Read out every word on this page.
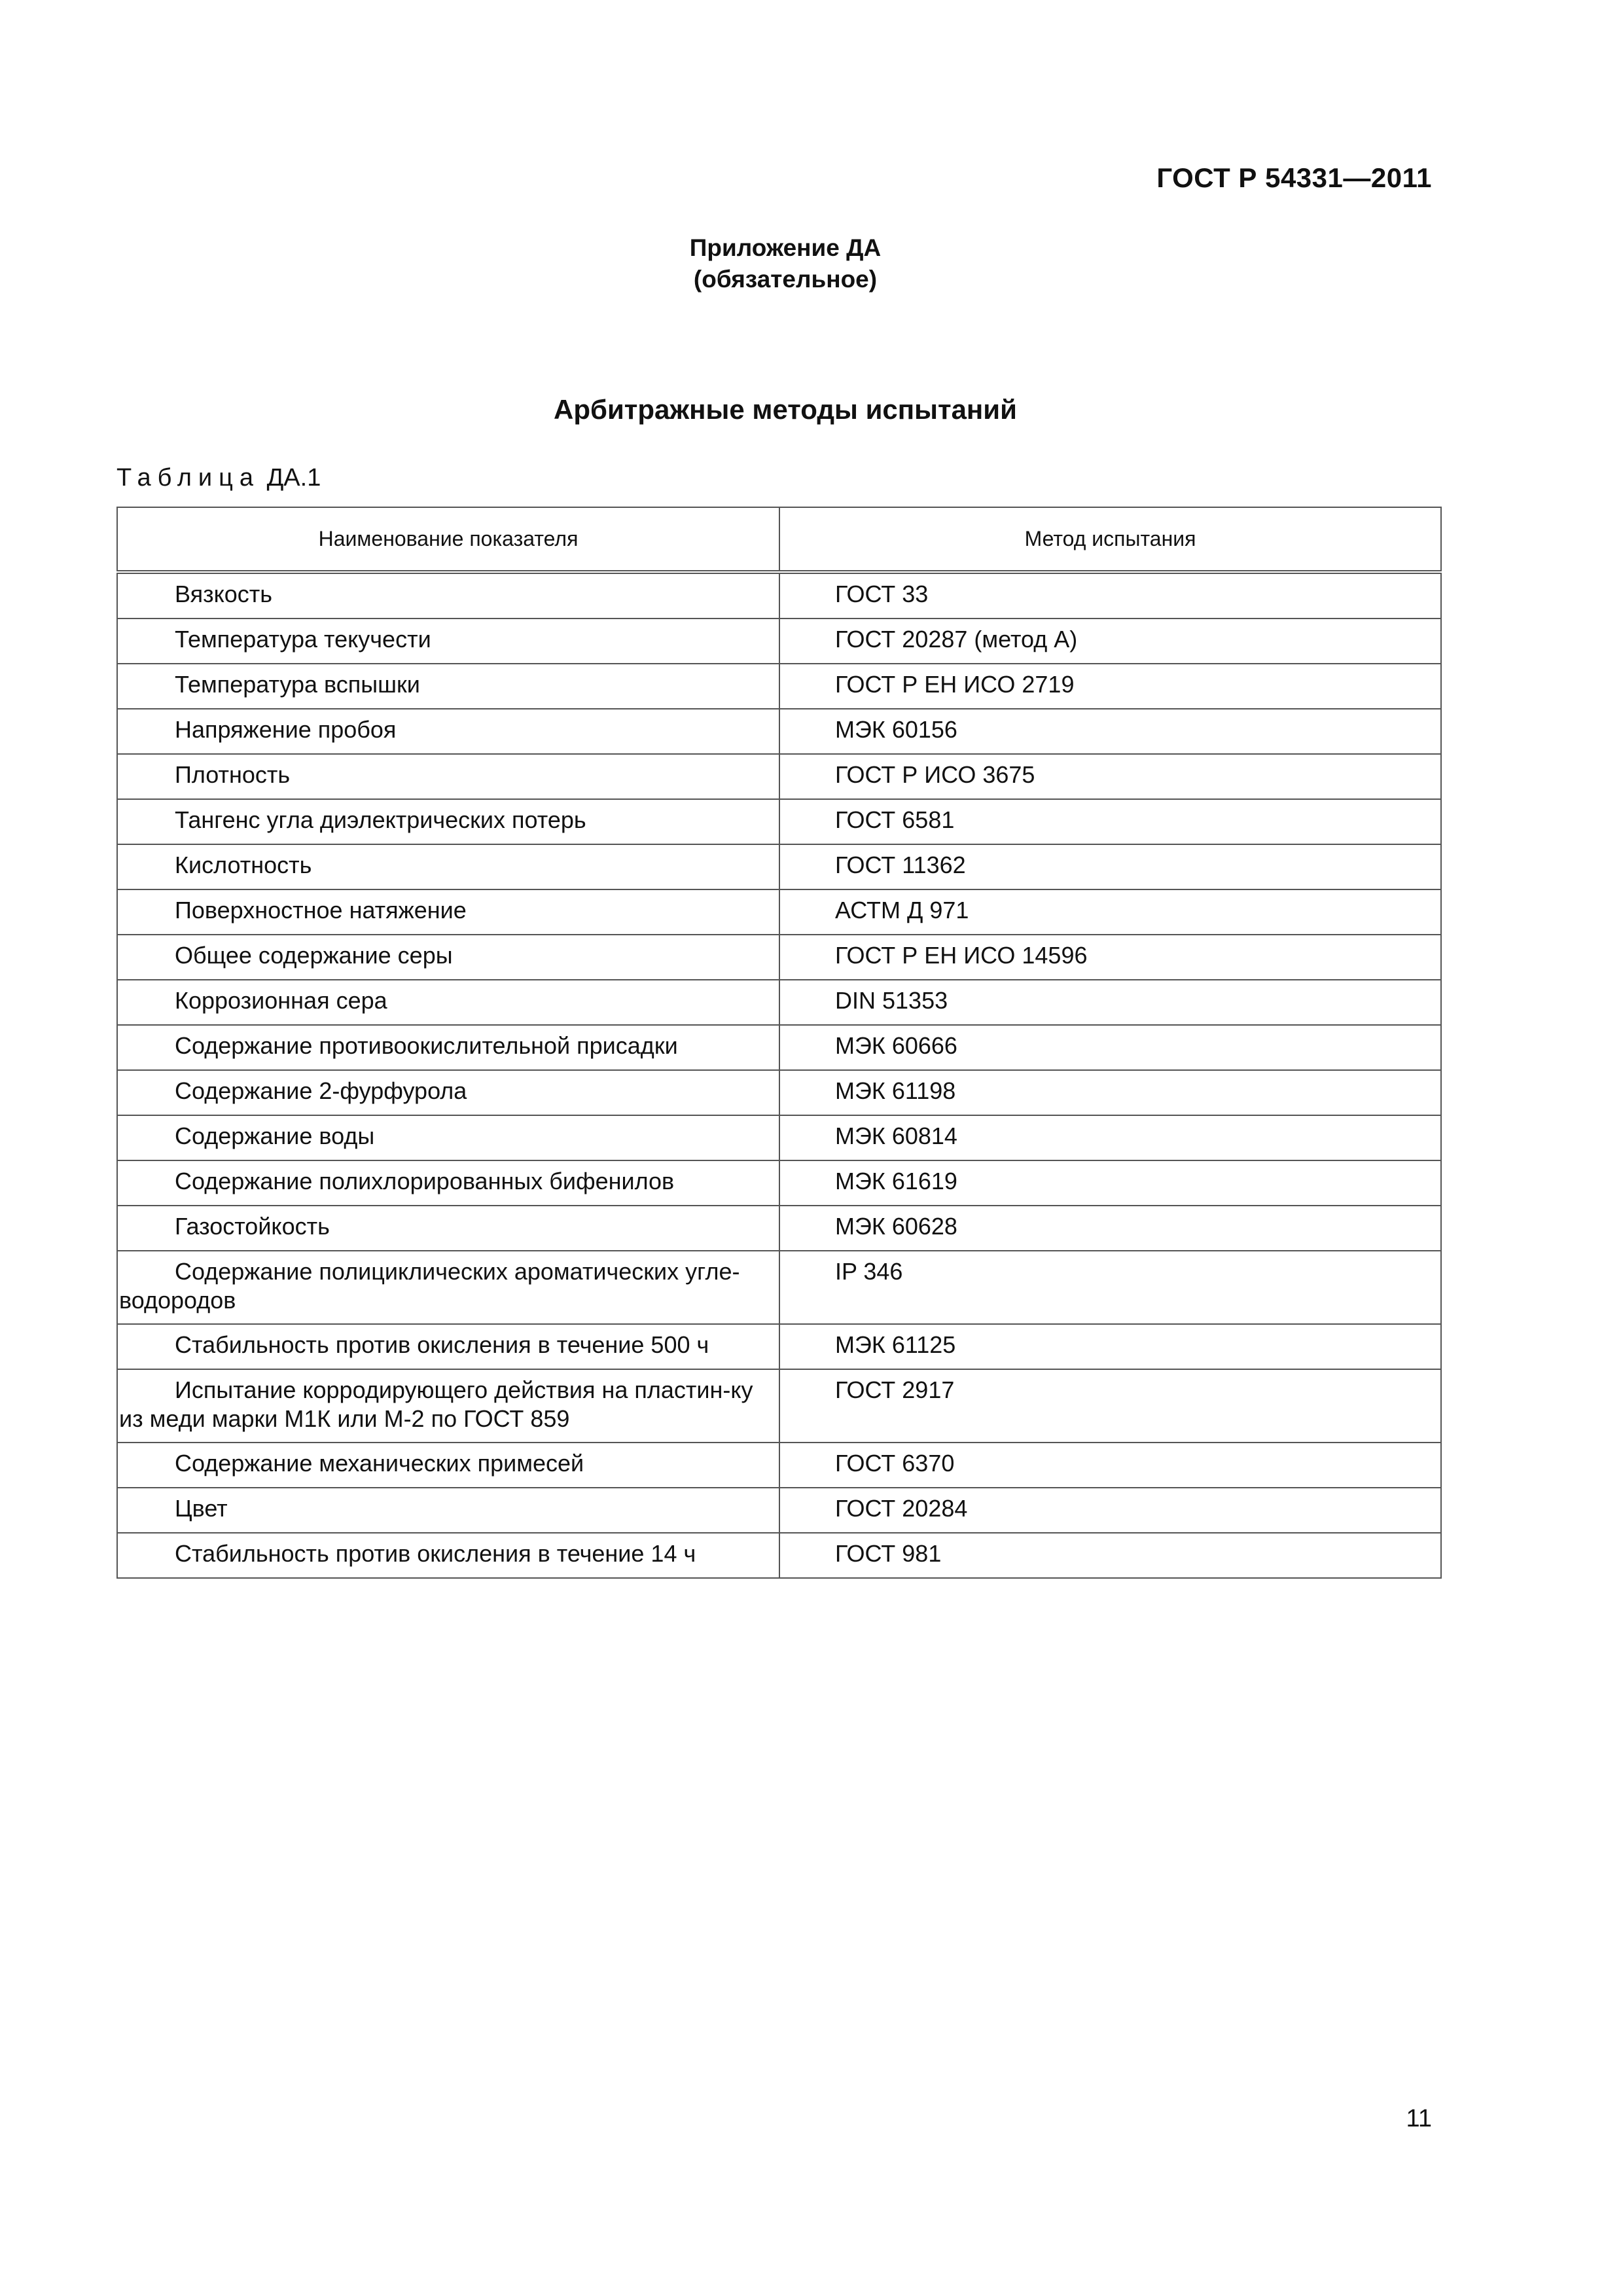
ГОСТ Р 54331—2011
Приложение ДА
(обязательное)
Арбитражные методы испытаний
Таблица ДА.1
Наименование показателя	Метод испытания
Вязкость	ГОСТ 33
Температура текучести	ГОСТ 20287 (метод А)
Температура вспышки	ГОСТ Р ЕН ИСО 2719
Напряжение пробоя	МЭК 60156
Плотность	ГОСТ Р ИСО 3675
Тангенс угла диэлектрических потерь	ГОСТ 6581
Кислотность	ГОСТ 11362
Поверхностное натяжение	АСТМ Д 971
Общее содержание серы	ГОСТ Р ЕН ИСО 14596
Коррозионная сера	DIN 51353
Содержание противоокислительной присадки	МЭК 60666
Содержание 2-фурфурола	МЭК 61198
Содержание воды	МЭК 60814
Содержание полихлорированных бифенилов	МЭК 61619
Газостойкость	МЭК 60628
Содержание полициклических ароматических угле-водородов	IP 346
Стабильность против окисления в течение 500 ч	МЭК 61125
Испытание корродирующего действия на пластин-ку из меди марки М1К или М-2 по ГОСТ 859	ГОСТ 2917
Содержание механических примесей	ГОСТ 6370
Цвет	ГОСТ 20284
Стабильность против окисления в течение 14 ч	ГОСТ 981
11
